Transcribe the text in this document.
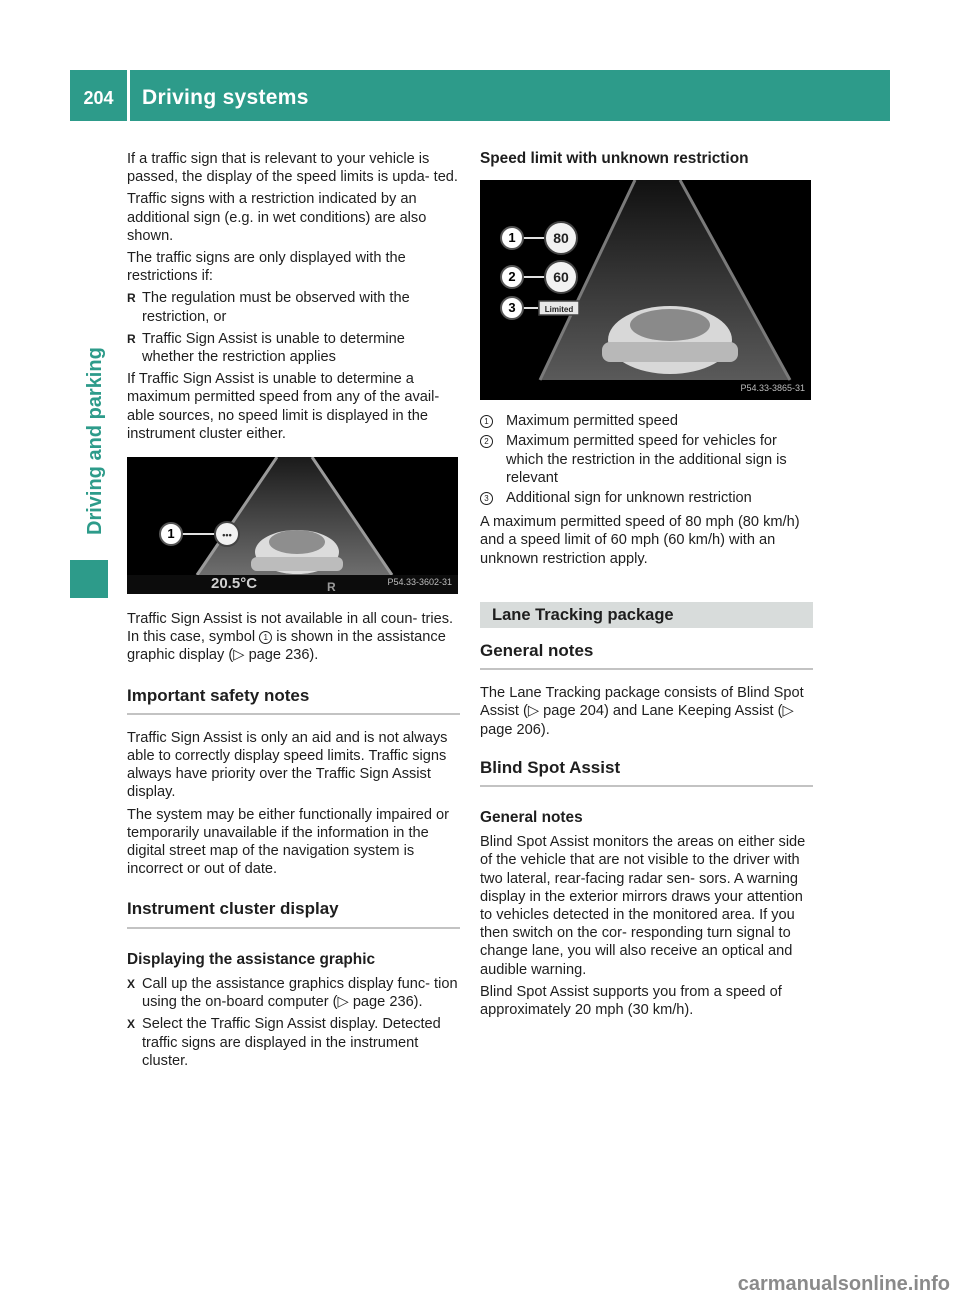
204	Driving systems
Driving and parking

If a traffic sign that is relevant to your vehicle is passed, the display of the speed limits is upda- ted.

Traffic signs with a restriction indicated by an additional sign (e.g. in wet conditions) are also shown.

The traffic signs are only displayed with the restrictions if:

R The regulation must be observed with the restriction, or
R Traffic Sign Assist is unable to determine whether the restriction applies

If Traffic Sign Assist is unable to determine a maximum permitted speed from any of the avail- able sources, no speed limit is displayed in the instrument cluster either.

•••
1
20.5°C	R	P54.33-3602-31

Traffic Sign Assist is not available in all coun- tries. In this case, symbol 1 is shown in the assistance graphic display (▷ page 236).

Important safety notes

Traffic Sign Assist is only an aid and is not always able to correctly display speed limits. Traffic signs always have priority over the Traffic Sign Assist display.

The system may be either functionally impaired or temporarily unavailable if the information in the digital street map of the navigation system is incorrect or out of date.

Instrument cluster display
Displaying the assistance graphic
X Call up the assistance graphics display func- tion using the on-board computer (▷ page 236).
X Select the Traffic Sign Assist display. Detected traffic signs are displayed in the instrument cluster.
Speed limit with unknown restriction
80
60
Limited
1
2
3
P54.33-3865-31
1 Maximum permitted speed
2 Maximum permitted speed for vehicles for which the restriction in the additional sign is relevant
3 Additional sign for unknown restriction

A maximum permitted speed of 80 mph (80 km/h) and a speed limit of 60 mph (60 km/h) with an unknown restriction apply.

Lane Tracking package
General notes

The Lane Tracking package consists of Blind Spot Assist (▷ page 204) and Lane Keeping Assist (▷ page 206).

Blind Spot Assist
General notes

Blind Spot Assist monitors the areas on either side of the vehicle that are not visible to the driver with two lateral, rear-facing radar sen- sors. A warning display in the exterior mirrors draws your attention to vehicles detected in the monitored area. If you then switch on the cor- responding turn signal to change lane, you will also receive an optical and audible warning.

Blind Spot Assist supports you from a speed of approximately 20 mph (30 km/h).

carmanualsonline.info
